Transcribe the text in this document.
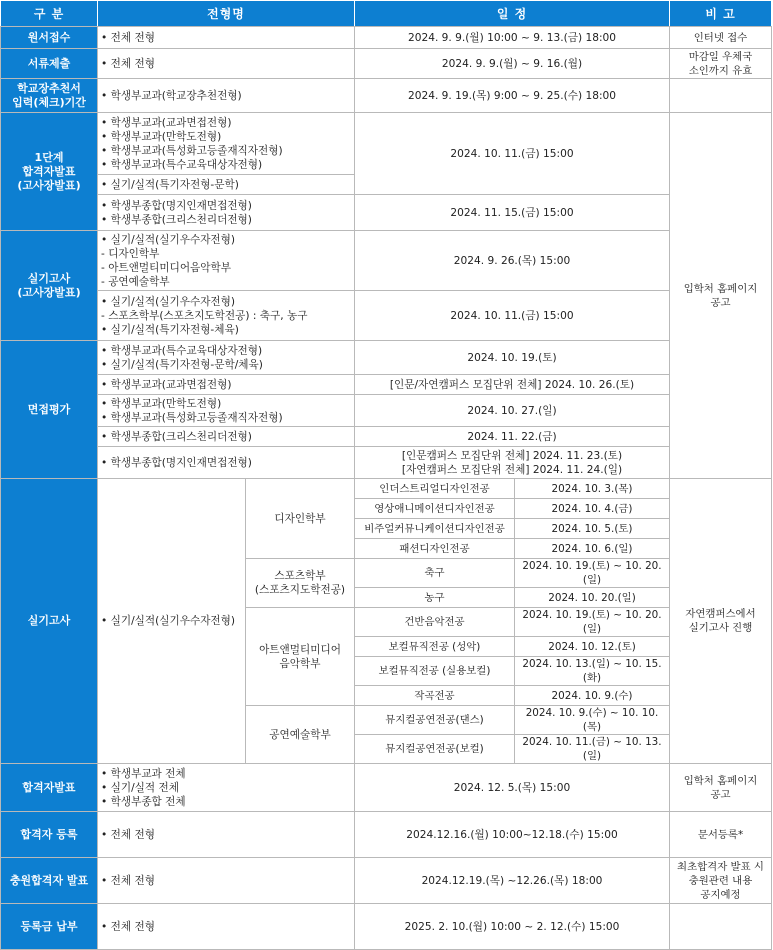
구 분	전형명	일 정	비 고
원서접수	• 전체 전형	2024. 9. 9.(월) 10:00 ~ 9. 13.(금) 18:00	인터넷 접수
서류제출	• 전체 전형	2024. 9. 9.(월) ~ 9. 16.(월)	마감일 우체국
소인까지 유효

학교장추천서
입력(체크)기간	• 학생부교과(학교장추천전형)	2024. 9. 19.(목) 9:00 ~ 9. 25.(수) 18:00	

1단계
합격자발표
(고사장발표)	• 학생부교과(교과면접전형)
• 학생부교과(만학도전형)
• 학생부교과(특성화고등졸재직자전형)
• 학생부교과(특수교육대상자전형)	2024. 10. 11.(금) 15:00	입학처 홈페이지
공고

	• 실기/실적(특기자전형-문학)

	• 학생부종합(명지인재면접전형)
• 학생부종합(크리스천리더전형)	2024. 11. 15.(금) 15:00	

실기고사
(고사장발표)	• 실기/실적(실기우수자전형)
- 디자인학부
- 아트앤멀티미디어음악학부
- 공연예술학부	2024. 9. 26.(목) 15:00	

	• 실기/실적(실기우수자전형)
- 스포츠학부(스포츠지도학전공) : 축구, 농구
• 실기/실적(특기자전형-체육)	2024. 10. 11.(금) 15:00	
면접평가	• 학생부교과(특수교육대상자전형)
• 실기/실적(특기자전형-문학/체육)	2024. 10. 19.(토)	

	• 학생부교과(교과면접전형)	[인문/자연캠퍼스 모집단위 전체] 2024. 10. 26.(토)	

	• 학생부교과(만학도전형)
• 학생부교과(특성화고등졸재직자전형)	2024. 10. 27.(일)	

	• 학생부종합(크리스천리더전형)	2024. 11. 22.(금)	

	• 학생부종합(명지인재면접전형)	[인문캠퍼스 모집단위 전체] 2024. 11. 23.(토)
[자연캠퍼스 모집단위 전체] 2024. 11. 24.(일)	
실기고사	• 실기/실적(실기우수자전형)	디자인학부	인더스트리얼디자인전공	2024. 10. 3.(목)	자연캠퍼스에서
실기고사 진행

			영상애니메이션디자인전공	2024. 10. 4.(금)	
			비주얼커뮤니케이션디자인전공	2024. 10. 5.(토)	
			패션디자인전공	2024. 10. 6.(일)	

		스포츠학부
(스포츠지도학전공)	축구	2024. 10. 19.(토) ~ 10. 20.(일)	
			농구	2024. 10. 20.(일)	

		아트앤멀티미디어
음악학부	건반음악전공	2024. 10. 19.(토) ~ 10. 20.(일)	
			보컬뮤직전공 (성악)	2024. 10. 12.(토)	
			보컬뮤직전공 (실용보컬)	2024. 10. 13.(일) ~ 10. 15.(화)	
			작곡전공	2024. 10. 9.(수)	
		공연예술학부	뮤지컬공연전공(댄스)	2024. 10. 9.(수) ~ 10. 10.(목)	
			뮤지컬공연전공(보컬)	2024. 10. 11.(금) ~ 10. 13.(일)	
합격자발표	• 학생부교과 전체
• 실기/실적 전체
• 학생부종합 전체		2024. 12. 5.(목) 15:00		입학처 홈페이지
공고

합격자 등록	• 전체 전형		2024.12.16.(월) 10:00~12.18.(수) 15:00		문서등록*
충원합격자 발표	• 전체 전형		2024.12.19.(목) ~12.26.(목) 18:00		최초합격자 발표 시
충원관련 내용
공지예정

등록금 납부	• 전체 전형		2025. 2. 10.(월) 10:00 ~ 2. 12.(수) 15:00		
